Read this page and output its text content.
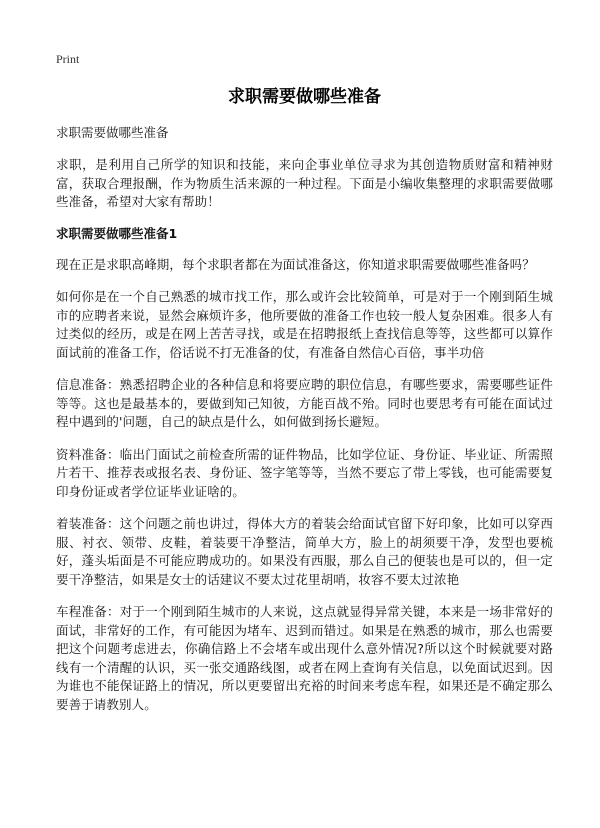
Print
求职需要做哪些准备
求职需要做哪些准备

求职，是利用自己所学的知识和技能，来向企事业单位寻求为其创造物质财富和精神财富，获取合理报酬，作为物质生活来源的一种过程。下面是小编收集整理的求职需要做哪些准备，希望对大家有帮助！

求职需要做哪些准备1

现在正是求职高峰期，每个求职者都在为面试准备这，你知道求职需要做哪些准备吗？

如何你是在一个自己熟悉的城市找工作，那么或许会比较简单，可是对于一个刚到陌生城市的应聘者来说，显然会麻烦许多，他所要做的准备工作也较一般人复杂困难。很多人有过类似的经历，或是在网上苦苦寻找，或是在招聘报纸上查找信息等等，这些都可以算作面试前的准备工作，俗话说不打无准备的仗，有准备自然信心百倍，事半功倍

信息准备：熟悉招聘企业的各种信息和将要应聘的职位信息，有哪些要求，需要哪些证件等等。这也是最基本的，要做到知己知彼，方能百战不殆。同时也要思考有可能在面试过程中遇到的'问题，自己的缺点是什么，如何做到扬长避短。

资料准备：临出门面试之前检查所需的证件物品，比如学位证、身份证、毕业证、所需照片若干、推荐表或报名表、身份证、签字笔等等，当然不要忘了带上零钱，也可能需要复印身份证或者学位证毕业证啥的。

着装准备：这个问题之前也讲过，得体大方的着装会给面试官留下好印象，比如可以穿西服、衬衣、领带、皮鞋，着装要干净整洁，简单大方，脸上的胡须要干净，发型也要梳好，蓬头垢面是不可能应聘成功的。如果没有西服，那么自己的便装也是可以的，但一定要干净整洁，如果是女士的话建议不要太过花里胡哨，妆容不要太过浓艳

车程准备：对于一个刚到陌生城市的人来说，这点就显得异常关键，本来是一场非常好的面试，非常好的工作，有可能因为堵车、迟到而错过。如果是在熟悉的城市，那么也需要把这个问题考虑进去，你确信路上不会堵车或出现什么意外情况?所以这个时候就要对路线有一个清醒的认识，买一张交通路线图，或者在网上查询有关信息，以免面试迟到。因为谁也不能保证路上的情况，所以更要留出充裕的时间来考虑车程，如果还是不确定那么要善于请教别人。
